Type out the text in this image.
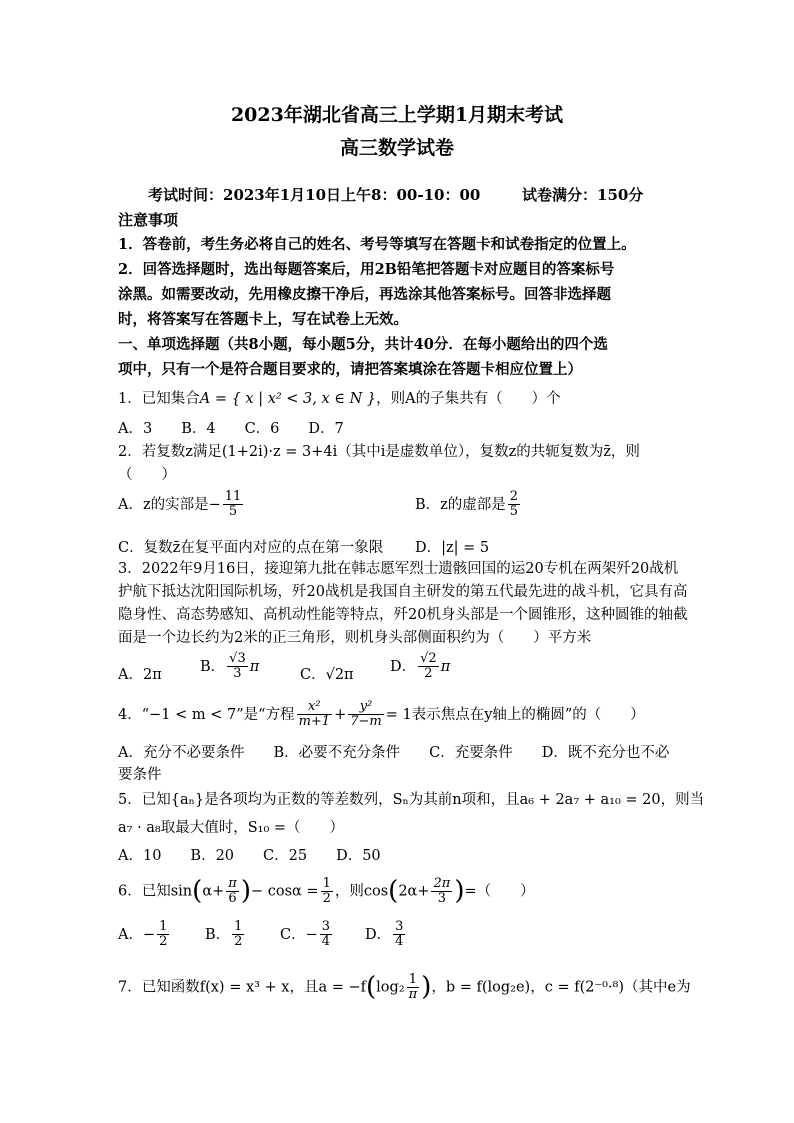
2023年湖北省高三上学期1月期末考试
高三数学试卷
考试时间：2023年1月10日上午8：00-10：00	试卷满分：150分
注意事项
1．答卷前，考生务必将自己的姓名、考号等填写在答题卡和试卷指定的位置上。
2．回答选择题时，选出每题答案后，用2B铅笔把答题卡对应题目的答案标号
涂黑。如需要改动，先用橡皮擦干净后，再选涂其他答案标号。回答非选择题
时，将答案写在答题卡上，写在试卷上无效。
一、单项选择题（共8小题，每小题5分，共计40分．在每小题给出的四个选
项中，只有一个是符合题目要求的，请把答案填涂在答题卡相应位置上）
1．已知集合A = { x | x² < 3, x ∈ N }，则A的子集共有（　　）个
A．3　　B．4　　C．6　　D．7
2．若复数z满足(1+2i)·z = 3+4i（其中i是虚数单位），复数z的共轭复数为z̄，则
（　　）
A．z的实部是− $\frac{11}{5}$	B．z的虚部是 $\frac{2}{5}$
C．复数z̄在复平面内对应的点在第一象限 D．|z| = 5
3．2022年9月16日，接迎第九批在韩志愿军烈士遗骸回国的运20专机在两架歼20战机
护航下抵达沈阳国际机场，歼20战机是我国自主研发的第五代最先进的战斗机，它具有高
隐身性、高态势感知、高机动性能等特点，歼20机身头部是一个圆锥形，这种圆锥的轴截
面是一个边长约为2米的正三角形，则机身头部侧面积约为（　　）平方米
A．2π
B． $\frac{√3}{3}$ π
C．√2π
D． $\frac{√2}{2}$ π
4．“−1 < m < 7”是“方程 $\frac{\text{x²}}{m+1} + \frac{\text{y²}}{7-m} = 1$表示焦点在y轴上的椭圆”的（　　）
A．充分不必要条件　　B．必要不充分条件　　C．充要条件　　D．既不充分也不必
要条件
5．已知{aₙ}是各项均为正数的等差数列，Sₙ为其前n项和，且a₆ + 2a₇ + a₁₀ = 20，则当
a₇ · a₈取最大值时，S₁₀ =（　　）
A．10　　B．20　　C．25　　D．50
6．已知$\sin(\alpha+ \frac{\pi}{6}$ )− $\cos\alpha = \frac{1}{2}$ ，则$\cos(2\alpha+ \frac{2\pi}{3}$ )=（　　）
A．− $\frac{1}{2}$ B． $\frac{1}{2}$ C．− $\frac{3}{4}$ D． $\frac{3}{4}$
7．已知函数f(x) = x³ + x，且$a = -f(\log_2 \frac{1}{\pi}$ )，b = f(log₂e)，c = f(2⁻⁰·⁸)（其中e为
